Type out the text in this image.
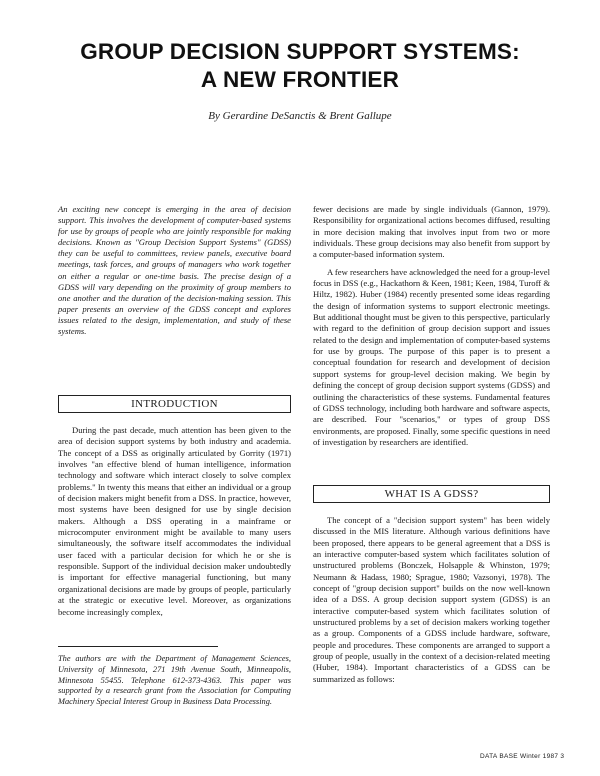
GROUP DECISION SUPPORT SYSTEMS:
A NEW FRONTIER
By Gerardine DeSanctis & Brent Gallupe
An exciting new concept is emerging in the area of decision support. This involves the development of computer-based systems for use by groups of people who are jointly responsible for making decisions. Known as "Group Decision Support Systems" (GDSS) they can be useful to committees, review panels, executive board meetings, task forces, and groups of managers who work together on either a regular or one-time basis. The precise design of a GDSS will vary depending on the proximity of group members to one another and the duration of the decision-making session. This paper presents an overview of the GDSS concept and explores issues related to the design, implementation, and study of these systems.
INTRODUCTION

During the past decade, much attention has been given to the area of decision support systems by both industry and academia. The concept of a DSS as originally articulated by Gorrity (1971) involves "an effective blend of human intelligence, information technology and software which interact closely to solve complex problems." In twenty this means that either an individual or a group of decision makers might benefit from a DSS. In practice, however, most systems have been designed for use by single decision makers. Although a DSS operating in a mainframe or microcomputer environment might be available to many users simultaneously, the software itself accommodates the individual user faced with a particular decision for which he or she is responsible. Support of the individual decision maker undoubtedly is important for effective managerial functioning, but many organizational decisions are made by groups of people, particularly at the strategic or executive level. Moreover, as organizations become increasingly complex,

The authors are with the Department of Management Sciences, University of Minnesota, 271 19th Avenue South, Minneapolis, Minnesota 55455. Telephone 612-373-4363. This paper was supported by a research grant from the Association for Computing Machinery Special Interest Group in Business Data Processing.

fewer decisions are made by single individuals (Gannon, 1979). Responsibility for organizational actions becomes diffused, resulting in more decision making that involves input from two or more individuals. These group decisions may also benefit from support by a computer-based information system.

A few researchers have acknowledged the need for a group-level focus in DSS (e.g., Hackathorn & Keen, 1981; Keen, 1984, Turoff & Hiltz, 1982). Huber (1984) recently presented some ideas regarding the design of information systems to support electronic meetings. But additional thought must be given to this perspective, particularly with regard to the definition of group decision support and issues related to the design and implementation of computer-based systems for use by groups. The purpose of this paper is to present a conceptual foundation for research and development of decision support systems for group-level decision making. We begin by defining the concept of group decision support systems (GDSS) and outlining the characteristics of these systems. Fundamental features of GDSS technology, including both hardware and software aspects, are described. Four "scenarios," or types of group DSS environments, are proposed. Finally, some specific questions in need of investigation by researchers are identified.

WHAT IS A GDSS?

The concept of a "decision support system" has been widely discussed in the MIS literature. Although various definitions have been proposed, there appears to be general agreement that a DSS is an interactive computer-based system which facilitates solution of unstructured problems (Bonczek, Holsapple & Whinston, 1979; Neumann & Hadass, 1980; Sprague, 1980; Vazsonyi, 1978). The concept of "group decision support" builds on the now well-known idea of a DSS. A group decision support system (GDSS) is an interactive computer-based system which facilitates solution of unstructured problems by a set of decision makers working together as a group. Components of a GDSS include hardware, software, people and procedures. These components are arranged to support a group of people, usually in the context of a decision-related meeting (Huber, 1984). Important characteristics of a GDSS can be summarized as follows:

DATA BASE Winter 1987 3
